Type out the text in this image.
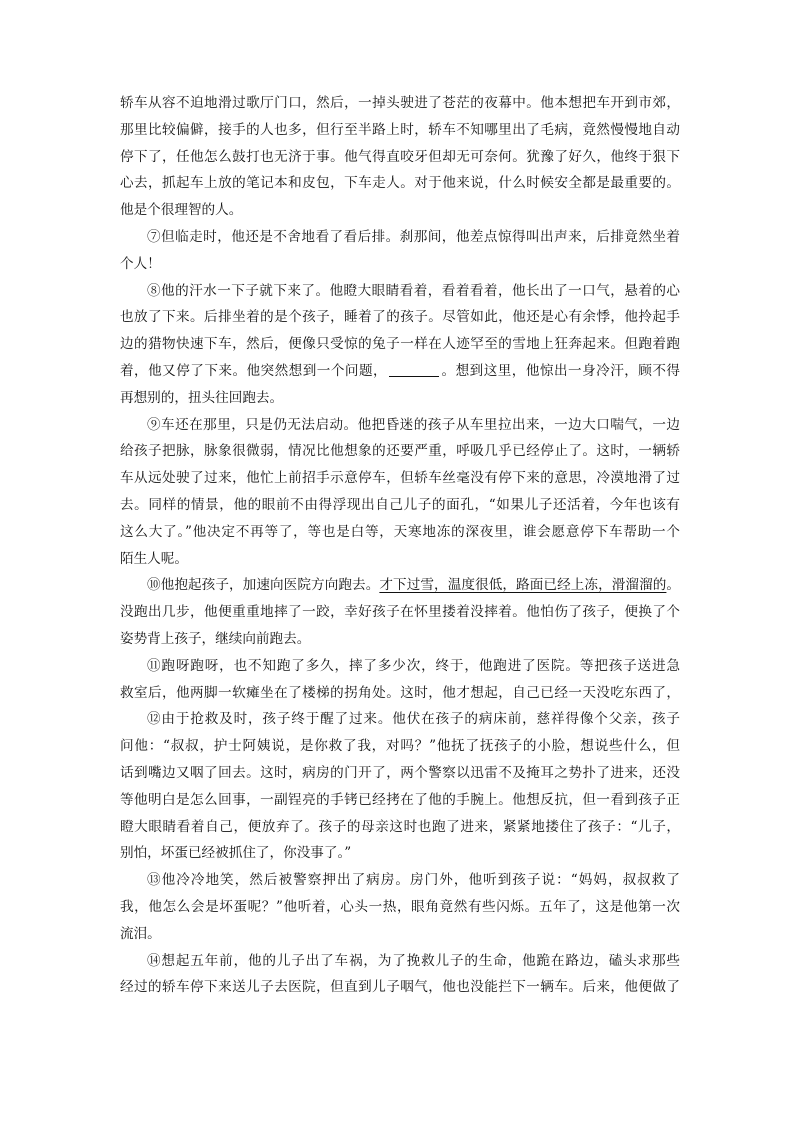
轿车从容不迫地滑过歌厅门口，然后，一掉头驶进了苍茫的夜幕中。他本想把车开到市郊，
那里比较偏僻，接手的人也多，但行至半路上时，轿车不知哪里出了毛病，竟然慢慢地自动
停下了，任他怎么鼓打也无济于事。他气得直咬牙但却无可奈何。犹豫了好久，他终于狠下
心去，抓起车上放的笔记本和皮包，下车走人。对于他来说，什么时候安全都是最重要的。
他是个很理智的人。
⑦但临走时，他还是不舍地看了看后排。刹那间，他差点惊得叫出声来，后排竟然坐着
个人！
⑧他的汗水一下子就下来了。他瞪大眼睛看着，看着看着，他长出了一口气，悬着的心
也放了下来。后排坐着的是个孩子，睡着了的孩子。尽管如此，他还是心有余悸，他拎起手
边的猎物快速下车，然后，便像只受惊的兔子一样在人迹罕至的雪地上狂奔起来。但跑着跑
着，他又停了下来。他突然想到一个问题，	。想到这里，他惊出一身冷汗，顾不得
再想别的，扭头往回跑去。
⑨车还在那里，只是仍无法启动。他把昏迷的孩子从车里拉出来，一边大口喘气，一边
给孩子把脉，脉象很微弱，情况比他想象的还要严重，呼吸几乎已经停止了。这时，一辆轿
车从远处驶了过来，他忙上前招手示意停车，但轿车丝毫没有停下来的意思，冷漠地滑了过
去。同样的情景，他的眼前不由得浮现出自己儿子的面孔，“如果儿子还活着，今年也该有
这么大了。”他决定不再等了，等也是白等，天寒地冻的深夜里，谁会愿意停下车帮助一个
陌生人呢。
⑩他抱起孩子，加速向医院方向跑去。才下过雪，温度很低，路面已经上冻，滑溜溜的。
没跑出几步，他便重重地摔了一跤，幸好孩子在怀里搂着没摔着。他怕伤了孩子，便换了个
姿势背上孩子，继续向前跑去。
⑪跑呀跑呀，也不知跑了多久，摔了多少次，终于，他跑进了医院。等把孩子送进急
救室后，他两脚一软瘫坐在了楼梯的拐角处。这时，他才想起，自己已经一天没吃东西了，
⑫由于抢救及时，孩子终于醒了过来。他伏在孩子的病床前，慈祥得像个父亲，孩子
问他：“叔叔，护士阿姨说，是你救了我，对吗？”他抚了抚孩子的小脸，想说些什么，但
话到嘴边又咽了回去。这时，病房的门开了，两个警察以迅雷不及掩耳之势扑了进来，还没
等他明白是怎么回事，一副锃亮的手铐已经拷在了他的手腕上。他想反抗，但一看到孩子正
瞪大眼睛看着自己，便放弃了。孩子的母亲这时也跑了进来，紧紧地搂住了孩子：“儿子，
别怕，坏蛋已经被抓住了，你没事了。”
⑬他冷冷地笑，然后被警察押出了病房。房门外，他听到孩子说：“妈妈，叔叔救了
我，他怎么会是坏蛋呢？”他听着，心头一热，眼角竟然有些闪烁。五年了，这是他第一次
流泪。
⑭想起五年前，他的儿子出了车祸，为了挽救儿子的生命，他跪在路边，磕头求那些
经过的轿车停下来送儿子去医院，但直到儿子咽气，他也没能拦下一辆车。后来，他便做了
